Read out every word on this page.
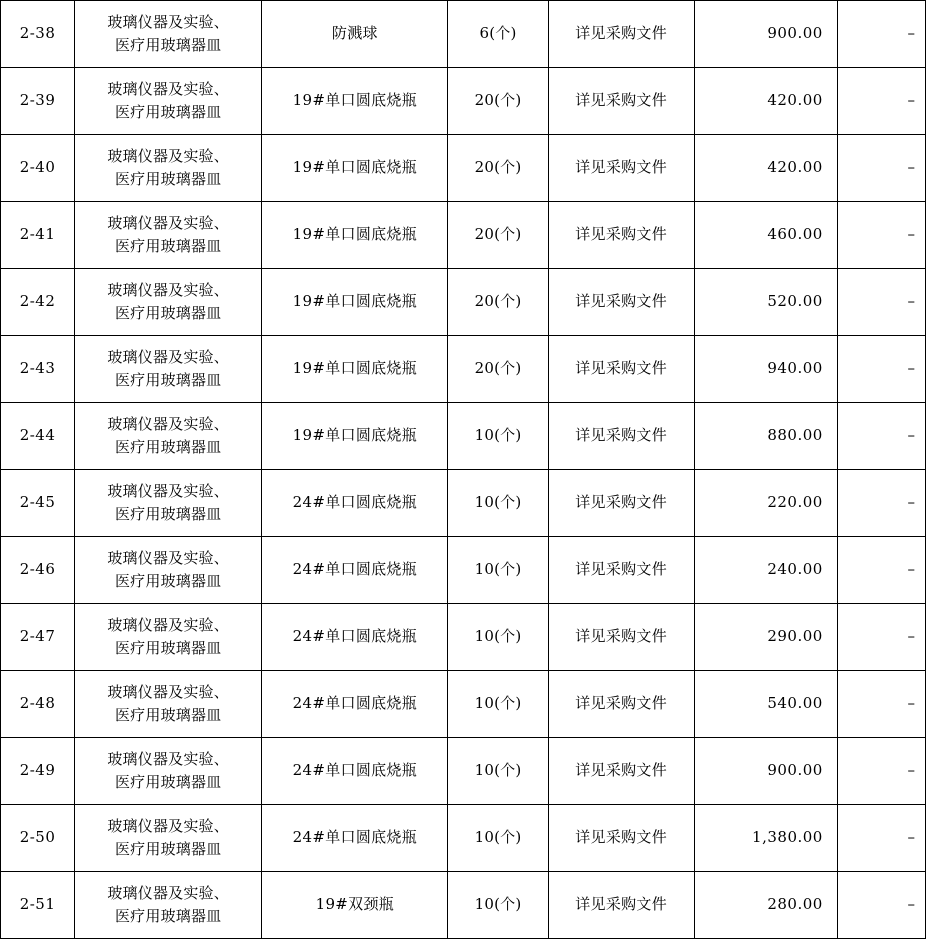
2-38	玻璃仪器及实验、
医疗用玻璃器皿	防溅球	6(个)	详见采购文件	900.00	–

2-39	玻璃仪器及实验、
医疗用玻璃器皿	19#单口圆底烧瓶	20(个)	详见采购文件	420.00	–

2-40	玻璃仪器及实验、
医疗用玻璃器皿	19#单口圆底烧瓶	20(个)	详见采购文件	420.00	–

2-41	玻璃仪器及实验、
医疗用玻璃器皿	19#单口圆底烧瓶	20(个)	详见采购文件	460.00	–

2-42	玻璃仪器及实验、
医疗用玻璃器皿	19#单口圆底烧瓶	20(个)	详见采购文件	520.00	–

2-43	玻璃仪器及实验、
医疗用玻璃器皿	19#单口圆底烧瓶	20(个)	详见采购文件	940.00	–

2-44	玻璃仪器及实验、
医疗用玻璃器皿	19#单口圆底烧瓶	10(个)	详见采购文件	880.00	–

2-45	玻璃仪器及实验、
医疗用玻璃器皿	24#单口圆底烧瓶	10(个)	详见采购文件	220.00	–

2-46	玻璃仪器及实验、
医疗用玻璃器皿	24#单口圆底烧瓶	10(个)	详见采购文件	240.00	–

2-47	玻璃仪器及实验、
医疗用玻璃器皿	24#单口圆底烧瓶	10(个)	详见采购文件	290.00	–

2-48	玻璃仪器及实验、
医疗用玻璃器皿	24#单口圆底烧瓶	10(个)	详见采购文件	540.00	–

2-49	玻璃仪器及实验、
医疗用玻璃器皿	24#单口圆底烧瓶	10(个)	详见采购文件	900.00	–

2-50	玻璃仪器及实验、
医疗用玻璃器皿	24#单口圆底烧瓶	10(个)	详见采购文件	1,380.00	–

2-51	玻璃仪器及实验、
医疗用玻璃器皿	19#双颈瓶	10(个)	详见采购文件	280.00	–
